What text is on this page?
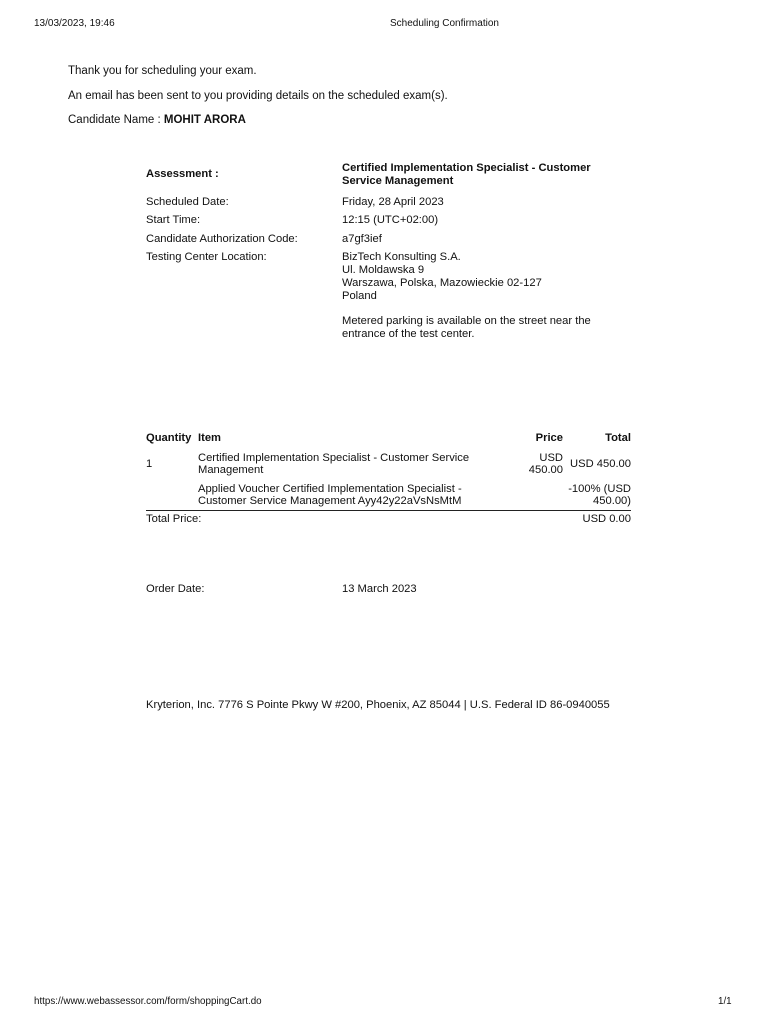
13/03/2023, 19:46	Scheduling Confirmation
Thank you for scheduling your exam.
An email has been sent to you providing details on the scheduled exam(s).
Candidate Name : MOHIT ARORA
Assessment :	Certified Implementation Specialist - Customer Service Management
Scheduled Date:	Friday, 28 April 2023
Start Time:	12:15 (UTC+02:00)
Candidate Authorization Code:	a7gf3ief
Testing Center Location:	BizTech Konsulting S.A.
Ul. Moldawska 9
Warszawa, Polska, Mazowieckie 02-127
Poland
Metered parking is available on the street near the entrance of the test center.
Quantity	Item	Price	Total
1	Certified Implementation Specialist - Customer Service Management	USD 450.00	USD 450.00
	Applied Voucher Certified Implementation Specialist - Customer Service Management Ayy42y22aVsNsMtM		-100% (USD 450.00)
Total Price:			USD 0.00
Order Date:	13 March 2023
Kryterion, Inc. 7776 S Pointe Pkwy W #200, Phoenix, AZ 85044 | U.S. Federal ID 86-0940055
https://www.webassessor.com/form/shoppingCart.do	1/1
